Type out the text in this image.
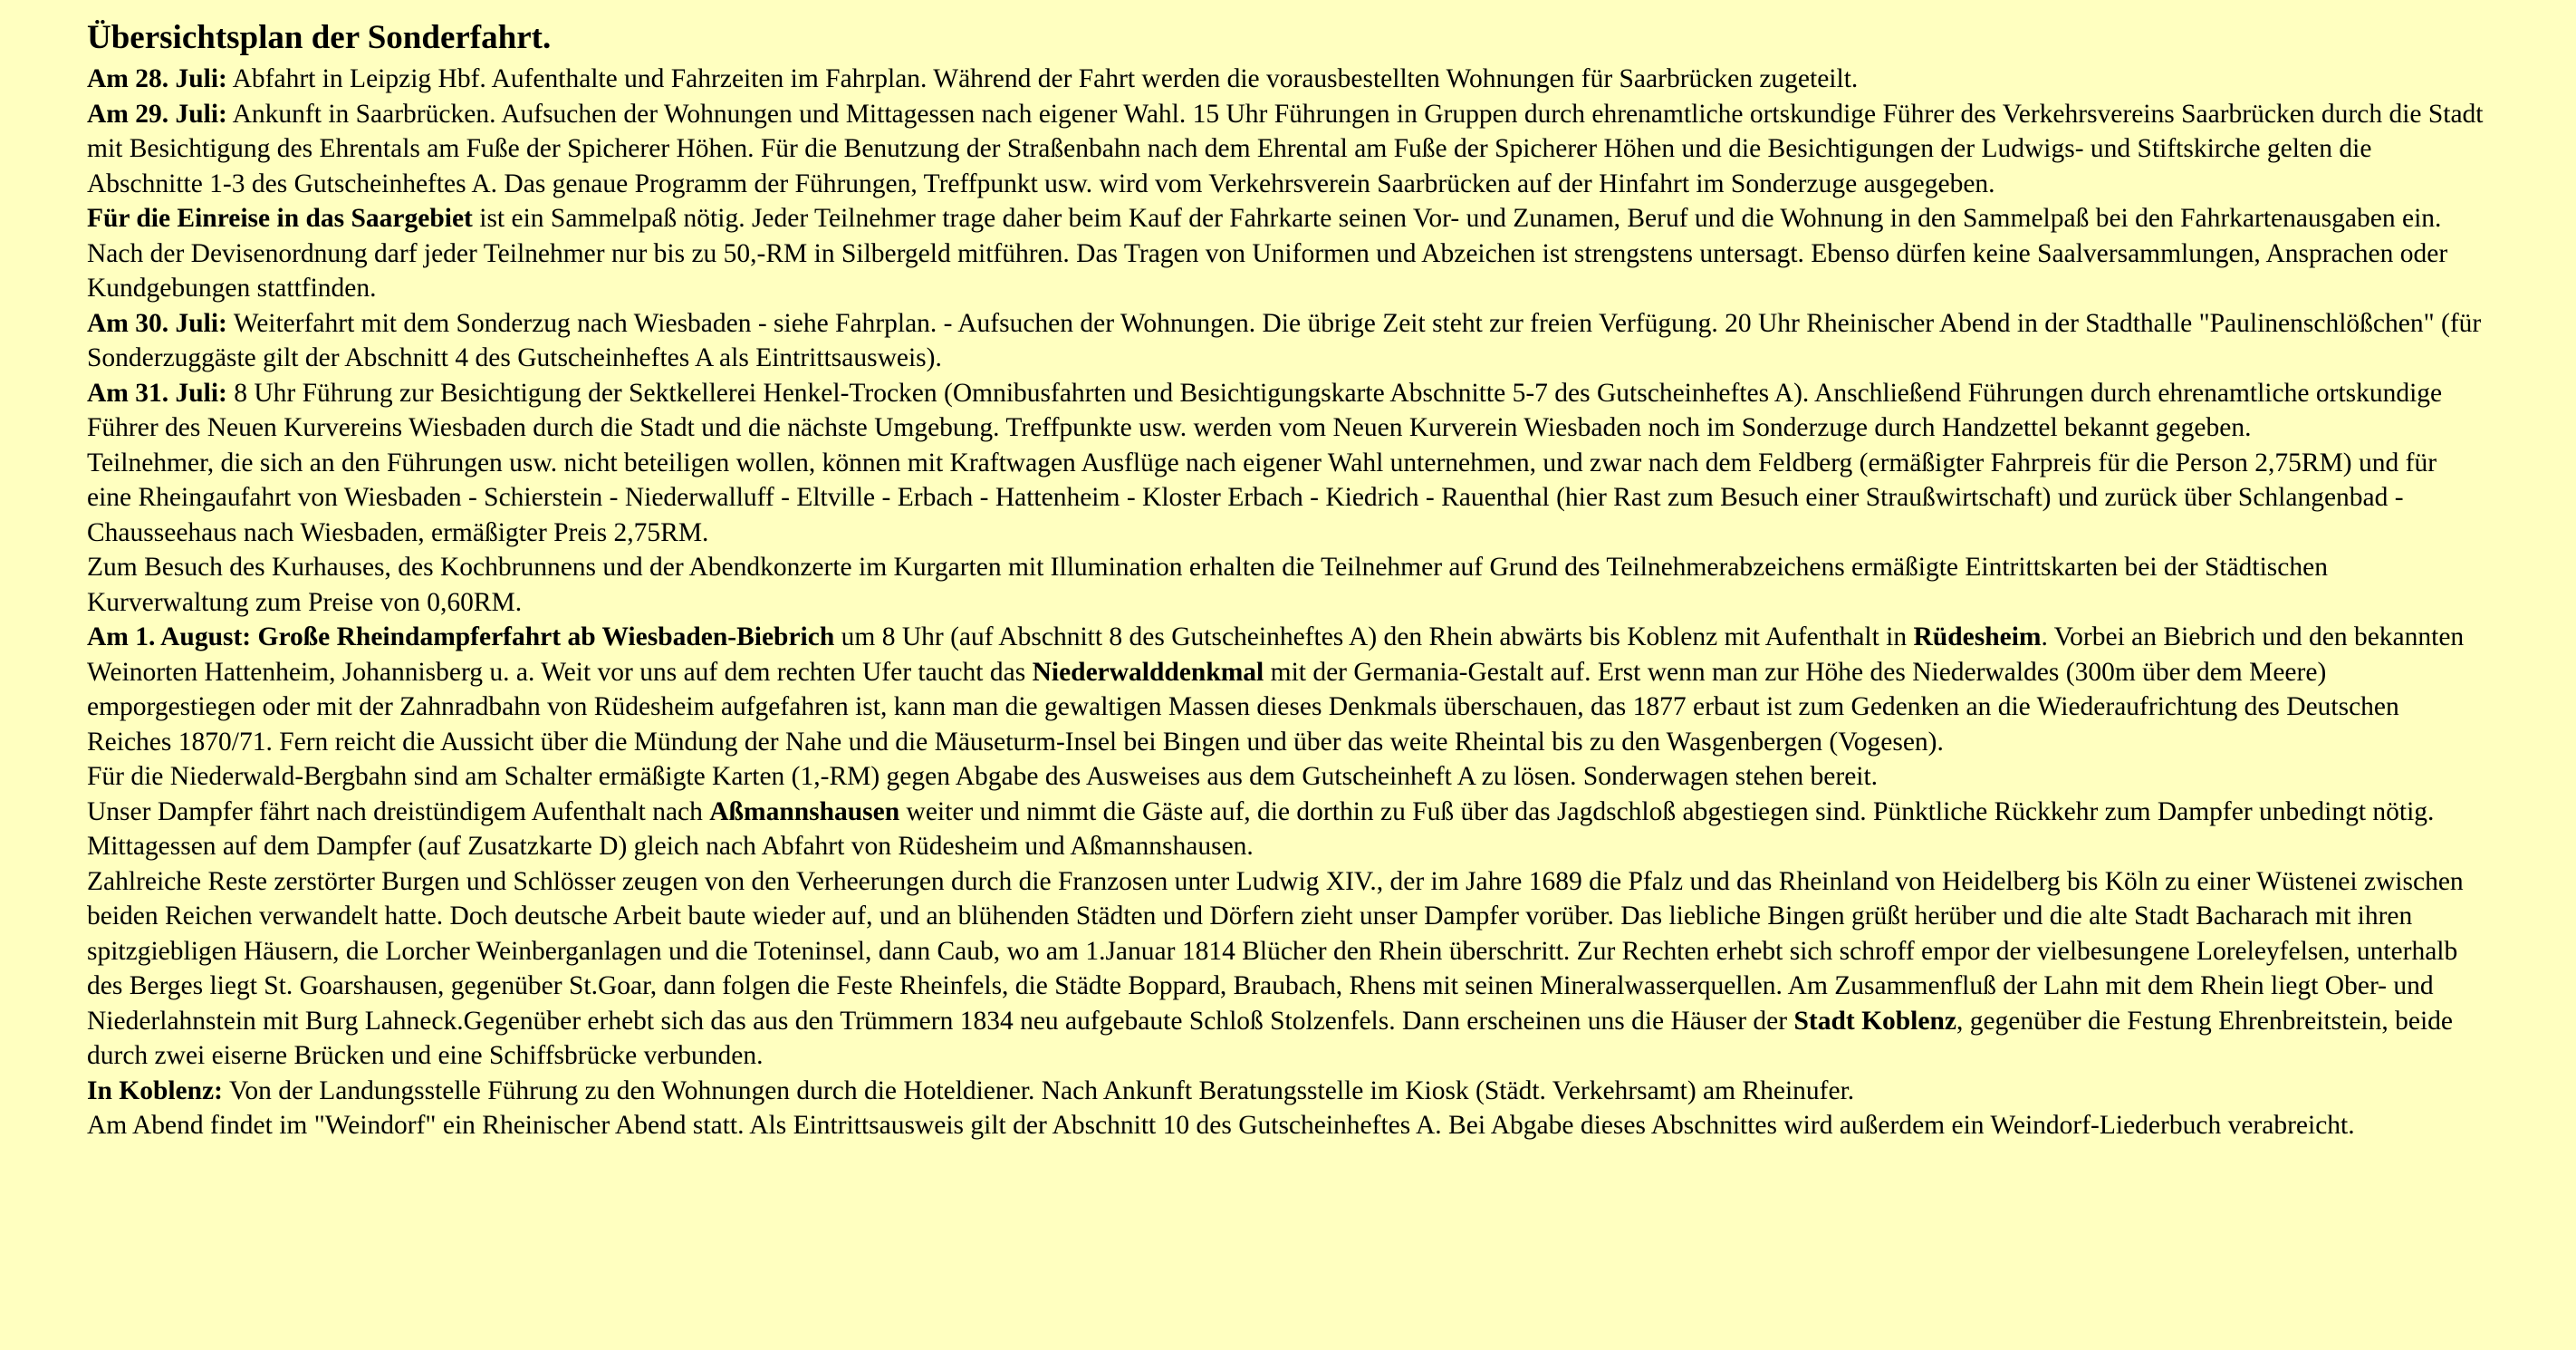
Übersichtsplan der Sonderfahrt.

Am 28. Juli: Abfahrt in Leipzig Hbf. Aufenthalte und Fahrzeiten im Fahrplan. Während der Fahrt werden die vorausbestellten Wohnungen für Saarbrücken zugeteilt.

Am 29. Juli: Ankunft in Saarbrücken. Aufsuchen der Wohnungen und Mittagessen nach eigener Wahl. 15 Uhr Führungen in Gruppen durch ehrenamtliche ortskundige Führer des Verkehrsvereins Saarbrücken durch die Stadt mit Besichtigung des Ehrentals am Fuße der Spicherer Höhen. Für die Benutzung der Straßenbahn nach dem Ehrental am Fuße der Spicherer Höhen und die Besichtigungen der Ludwigs- und Stiftskirche gelten die Abschnitte 1-3 des Gutscheinheftes A. Das genaue Programm der Führungen, Treffpunkt usw. wird vom Verkehrsverein Saarbrücken auf der Hinfahrt im Sonderzuge ausgegeben.

Für die Einreise in das Saargebiet ist ein Sammelpaß nötig. Jeder Teilnehmer trage daher beim Kauf der Fahrkarte seinen Vor- und Zunamen, Beruf und die Wohnung in den Sammelpaß bei den Fahrkartenausgaben ein.

Nach der Devisenordnung darf jeder Teilnehmer nur bis zu 50,-RM in Silbergeld mitführen. Das Tragen von Uniformen und Abzeichen ist strengstens untersagt. Ebenso dürfen keine Saalversammlungen, Ansprachen oder Kundgebungen stattfinden.

Am 30. Juli: Weiterfahrt mit dem Sonderzug nach Wiesbaden - siehe Fahrplan. - Aufsuchen der Wohnungen. Die übrige Zeit steht zur freien Verfügung. 20 Uhr Rheinischer Abend in der Stadthalle "Paulinenschlößchen" (für Sonderzuggäste gilt der Abschnitt 4 des Gutscheinheftes A als Eintrittsausweis).

Am 31. Juli: 8 Uhr Führung zur Besichtigung der Sektkellerei Henkel-Trocken (Omnibusfahrten und Besichtigungskarte Abschnitte 5-7 des Gutscheinheftes A). Anschließend Führungen durch ehrenamtliche ortskundige Führer des Neuen Kurvereins Wiesbaden durch die Stadt und die nächste Umgebung. Treffpunkte usw. werden vom Neuen Kurverein Wiesbaden noch im Sonderzuge durch Handzettel bekannt gegeben.

Teilnehmer, die sich an den Führungen usw. nicht beteiligen wollen, können mit Kraftwagen Ausflüge nach eigener Wahl unternehmen, und zwar nach dem Feldberg (ermäßigter Fahrpreis für die Person 2,75RM) und für eine Rheingaufahrt von Wiesbaden - Schierstein - Niederwalluff - Eltville - Erbach - Hattenheim - Kloster Erbach - Kiedrich - Rauenthal (hier Rast zum Besuch einer Straußwirtschaft) und zurück über Schlangenbad - Chausseehaus nach Wiesbaden, ermäßigter Preis 2,75RM.

Zum Besuch des Kurhauses, des Kochbrunnens und der Abendkonzerte im Kurgarten mit Illumination erhalten die Teilnehmer auf Grund des Teilnehmerabzeichens ermäßigte Eintrittskarten bei der Städtischen Kurverwaltung zum Preise von 0,60RM.

Am 1. August: Große Rheindampferfahrt ab Wiesbaden-Biebrich um 8 Uhr (auf Abschnitt 8 des Gutscheinheftes A) den Rhein abwärts bis Koblenz mit Aufenthalt in Rüdesheim. Vorbei an Biebrich und den bekannten Weinorten Hattenheim, Johannisberg u. a. Weit vor uns auf dem rechten Ufer taucht das Niederwalddenkmal mit der Germania-Gestalt auf. Erst wenn man zur Höhe des Niederwaldes (300m über dem Meere) emporgestiegen oder mit der Zahnradbahn von Rüdesheim aufgefahren ist, kann man die gewaltigen Massen dieses Denkmals überschauen, das 1877 erbaut ist zum Gedenken an die Wiederaufrichtung des Deutschen Reiches 1870/71. Fern reicht die Aussicht über die Mündung der Nahe und die Mäuseturm-Insel bei Bingen und über das weite Rheintal bis zu den Wasgenbergen (Vogesen).

Für die Niederwald-Bergbahn sind am Schalter ermäßigte Karten (1,-RM) gegen Abgabe des Ausweises aus dem Gutscheinheft A zu lösen. Sonderwagen stehen bereit.

Unser Dampfer fährt nach dreistündigem Aufenthalt nach Aßmannshausen weiter und nimmt die Gäste auf, die dorthin zu Fuß über das Jagdschloß abgestiegen sind. Pünktliche Rückkehr zum Dampfer unbedingt nötig.

Mittagessen auf dem Dampfer (auf Zusatzkarte D) gleich nach Abfahrt von Rüdesheim und Aßmannshausen.

Zahlreiche Reste zerstörter Burgen und Schlösser zeugen von den Verheerungen durch die Franzosen unter Ludwig XIV., der im Jahre 1689 die Pfalz und das Rheinland von Heidelberg bis Köln zu einer Wüstenei zwischen beiden Reichen verwandelt hatte. Doch deutsche Arbeit baute wieder auf, und an blühenden Städten und Dörfern zieht unser Dampfer vorüber. Das liebliche Bingen grüßt herüber und die alte Stadt Bacharach mit ihren spitzgiebligen Häusern, die Lorcher Weinberganlagen und die Toteninsel, dann Caub, wo am 1.Januar 1814 Blücher den Rhein überschritt. Zur Rechten erhebt sich schroff empor der vielbesungene Loreleyfelsen, unterhalb des Berges liegt St. Goarshausen, gegenüber St.Goar, dann folgen die Feste Rheinfels, die Städte Boppard, Braubach, Rhens mit seinen Mineralwasserquellen. Am Zusammenfluß der Lahn mit dem Rhein liegt Ober- und Niederlahnstein mit Burg Lahneck.Gegenüber erhebt sich das aus den Trümmern 1834 neu aufgebaute Schloß Stolzenfels. Dann erscheinen uns die Häuser der Stadt Koblenz, gegenüber die Festung Ehrenbreitstein, beide durch zwei eiserne Brücken und eine Schiffsbrücke verbunden.

In Koblenz: Von der Landungsstelle Führung zu den Wohnungen durch die Hoteldiener. Nach Ankunft Beratungsstelle im Kiosk (Städt. Verkehrsamt) am Rheinufer.

Am Abend findet im "Weindorf" ein Rheinischer Abend statt. Als Eintrittsausweis gilt der Abschnitt 10 des Gutscheinheftes A. Bei Abgabe dieses Abschnittes wird außerdem ein Weindorf-Liederbuch verabreicht.
